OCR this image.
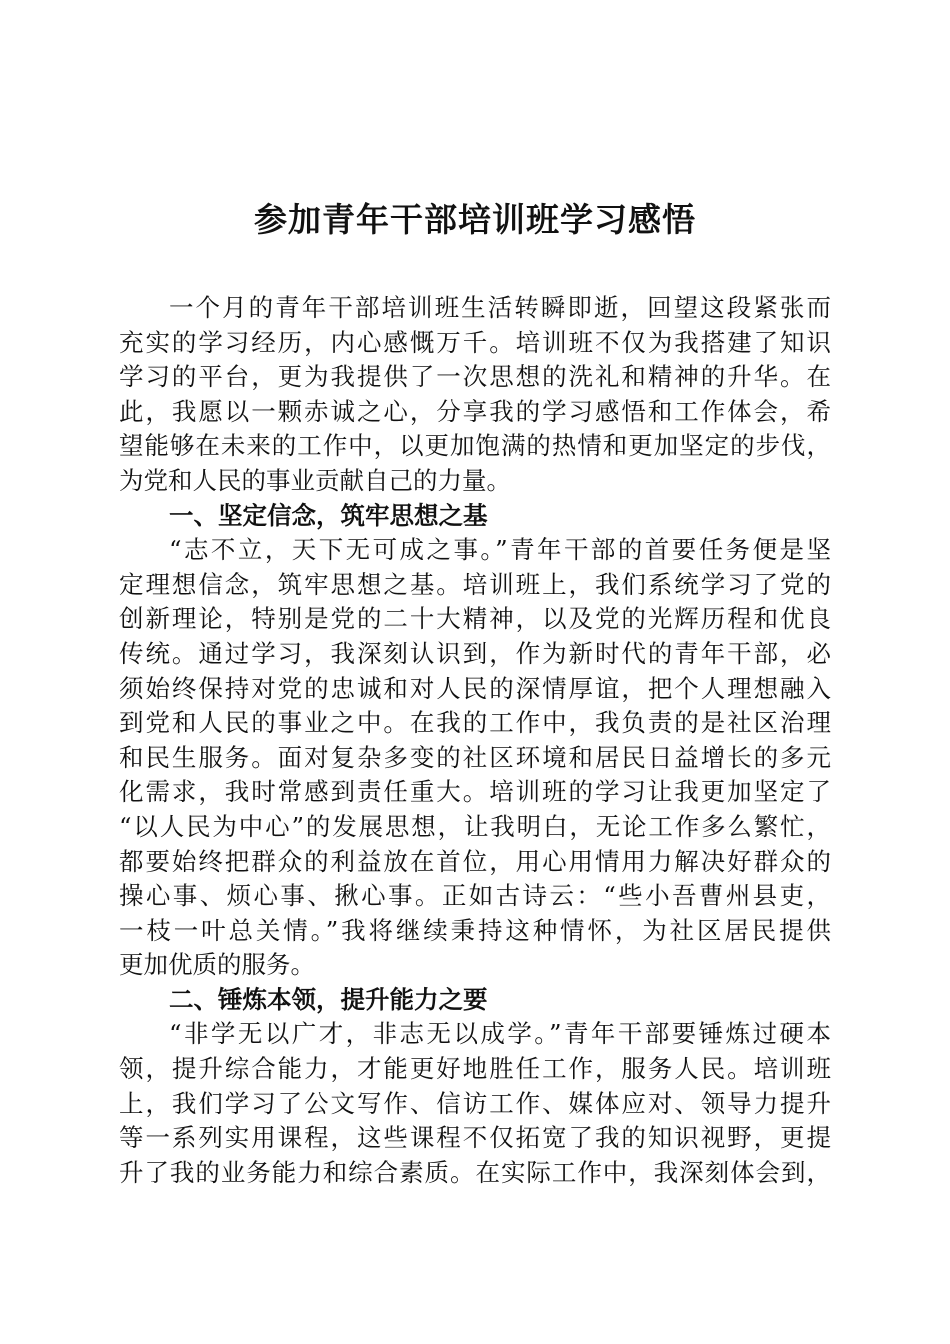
参加青年干部培训班学习感悟
一个月的青年干部培训班生活转瞬即逝，回望这段紧张而
充实的学习经历，内心感慨万千。培训班不仅为我搭建了知识
学习的平台，更为我提供了一次思想的洗礼和精神的升华。在
此，我愿以一颗赤诚之心，分享我的学习感悟和工作体会，希
望能够在未来的工作中，以更加饱满的热情和更加坚定的步伐，
为党和人民的事业贡献自己的力量。
一、坚定信念，筑牢思想之基
“志不立，天下无可成之事。”青年干部的首要任务便是坚
定理想信念，筑牢思想之基。培训班上，我们系统学习了党的
创新理论，特别是党的二十大精神，以及党的光辉历程和优良
传统。通过学习，我深刻认识到，作为新时代的青年干部，必
须始终保持对党的忠诚和对人民的深情厚谊，把个人理想融入
到党和人民的事业之中。在我的工作中，我负责的是社区治理
和民生服务。面对复杂多变的社区环境和居民日益增长的多元
化需求，我时常感到责任重大。培训班的学习让我更加坚定了
“以人民为中心”的发展思想，让我明白，无论工作多么繁忙，
都要始终把群众的利益放在首位，用心用情用力解决好群众的
操心事、烦心事、揪心事。正如古诗云：“些小吾曹州县吏，
一枝一叶总关情。”我将继续秉持这种情怀，为社区居民提供
更加优质的服务。
二、锤炼本领，提升能力之要
“非学无以广才，非志无以成学。”青年干部要锤炼过硬本
领，提升综合能力，才能更好地胜任工作，服务人民。培训班
上，我们学习了公文写作、信访工作、媒体应对、领导力提升
等一系列实用课程，这些课程不仅拓宽了我的知识视野，更提
升了我的业务能力和综合素质。在实际工作中，我深刻体会到，
